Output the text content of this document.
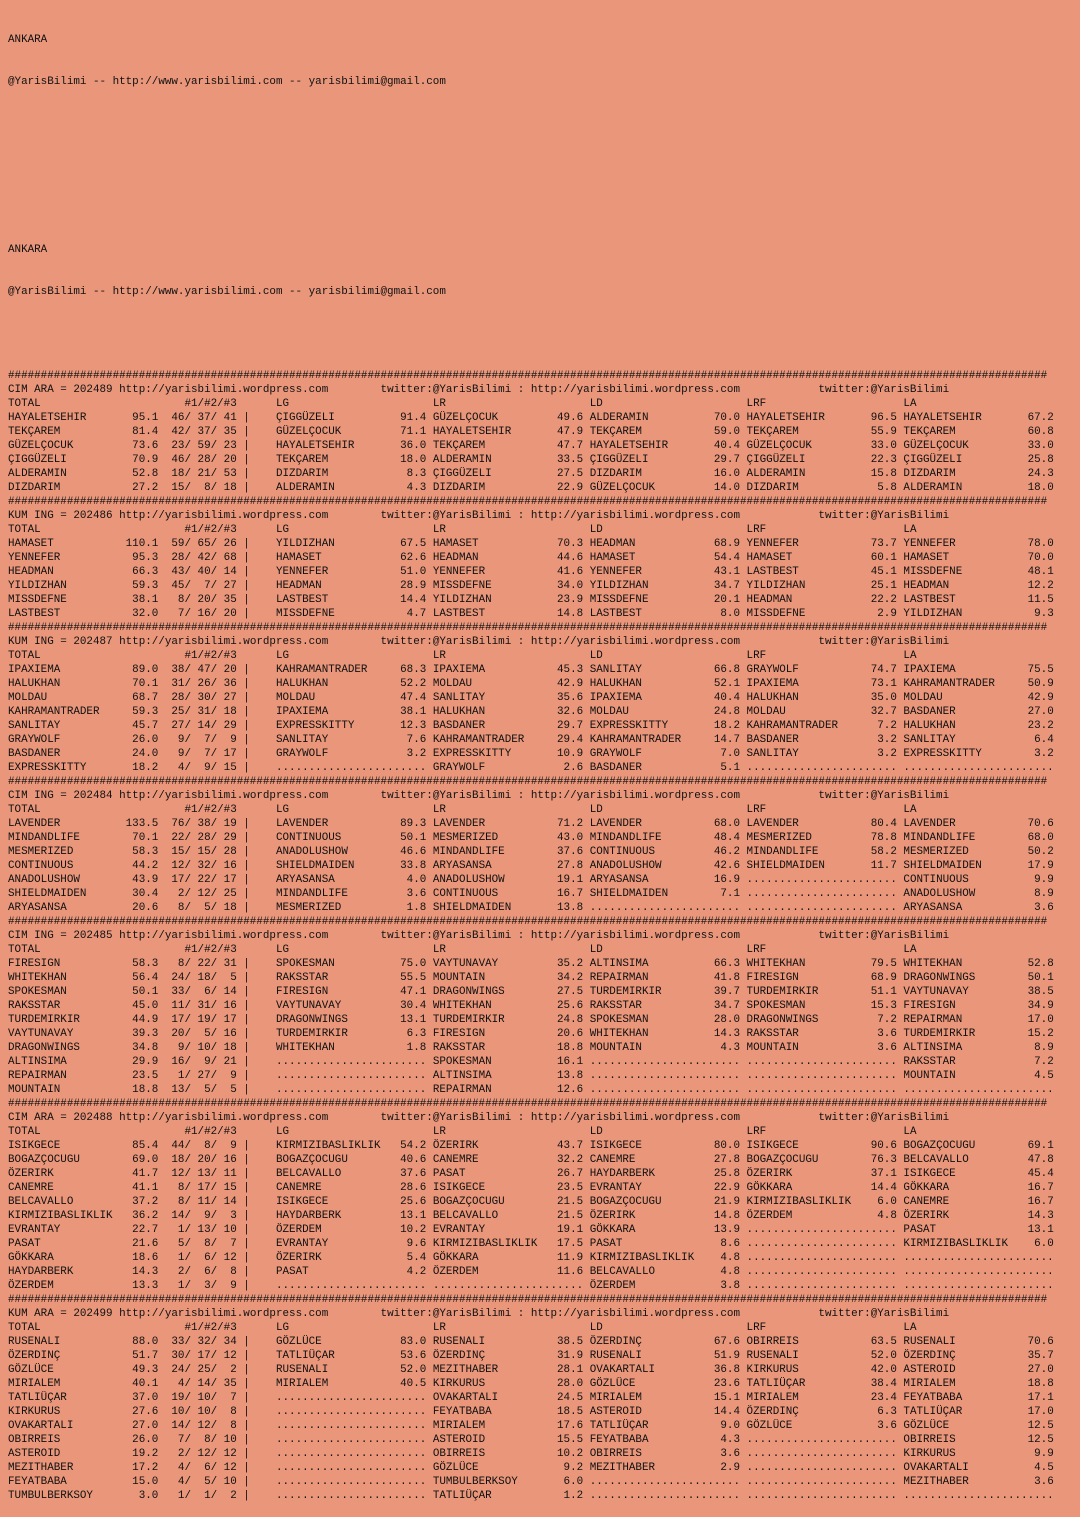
ANKARA

@YarisBilimi -- http://www.yarisbilimi.com -- yarisbilimi@gmail.com

ANKARA

@YarisBilimi -- http://www.yarisbilimi.com -- yarisbilimi@gmail.com

###############################################################################################################################################################
CIM ARA = 202489 http://yarisbilimi.wordpress.com        twitter:@YarisBilimi : http://yarisbilimi.wordpress.com            twitter:@YarisBilimi
TOTAL                      #1/#2/#3      LG                      LR                      LD                      LRF                     LA
HAYALETSEHIR       95.1  46/ 37/ 41 |    ÇIGGÜZELI          91.4 GÜZELÇOCUK         49.6 ALDERAMIN          70.0 HAYALETSEHIR       96.5 HAYALETSEHIR       67.2
TEKÇAREM           81.4  42/ 37/ 35 |    GÜZELÇOCUK         71.1 HAYALETSEHIR       47.9 TEKÇAREM           59.0 TEKÇAREM           55.9 TEKÇAREM           60.8
GÜZELÇOCUK         73.6  23/ 59/ 23 |    HAYALETSEHIR       36.0 TEKÇAREM           47.7 HAYALETSEHIR       40.4 GÜZELÇOCUK         33.0 GÜZELÇOCUK         33.0
ÇIGGÜZELI          70.9  46/ 28/ 20 |    TEKÇAREM           18.0 ALDERAMIN          33.5 ÇIGGÜZELI          29.7 ÇIGGÜZELI          22.3 ÇIGGÜZELI          25.8
ALDERAMIN          52.8  18/ 21/ 53 |    DIZDARIM            8.3 ÇIGGÜZELI          27.5 DIZDARIM           16.0 ALDERAMIN          15.8 DIZDARIM           24.3
DIZDARIM           27.2  15/  8/ 18 |    ALDERAMIN           4.3 DIZDARIM           22.9 GÜZELÇOCUK         14.0 DIZDARIM            5.8 ALDERAMIN          18.0
###############################################################################################################################################################
KUM ING = 202486 http://yarisbilimi.wordpress.com        twitter:@YarisBilimi : http://yarisbilimi.wordpress.com            twitter:@YarisBilimi
TOTAL                      #1/#2/#3      LG                      LR                      LD                      LRF                     LA
HAMASET           110.1  59/ 65/ 26 |    YILDIZHAN          67.5 HAMASET            70.3 HEADMAN            68.9 YENNEFER           73.7 YENNEFER           78.0
YENNEFER           95.3  28/ 42/ 68 |    HAMASET            62.6 HEADMAN            44.6 HAMASET            54.4 HAMASET            60.1 HAMASET            70.0
HEADMAN            66.3  43/ 40/ 14 |    YENNEFER           51.0 YENNEFER           41.6 YENNEFER           43.1 LASTBEST           45.1 MISSDEFNE          48.1
YILDIZHAN          59.3  45/  7/ 27 |    HEADMAN            28.9 MISSDEFNE          34.0 YILDIZHAN          34.7 YILDIZHAN          25.1 HEADMAN            12.2
MISSDEFNE          38.1   8/ 20/ 35 |    LASTBEST           14.4 YILDIZHAN          23.9 MISSDEFNE          20.1 HEADMAN            22.2 LASTBEST           11.5
LASTBEST           32.0   7/ 16/ 20 |    MISSDEFNE           4.7 LASTBEST           14.8 LASTBEST            8.0 MISSDEFNE           2.9 YILDIZHAN           9.3
###############################################################################################################################################################
KUM ING = 202487 http://yarisbilimi.wordpress.com        twitter:@YarisBilimi : http://yarisbilimi.wordpress.com            twitter:@YarisBilimi
TOTAL                      #1/#2/#3      LG                      LR                      LD                      LRF                     LA
IPAXIEMA           89.0  38/ 47/ 20 |    KAHRAMANTRADER     68.3 IPAXIEMA           45.3 SANLITAY           66.8 GRAYWOLF           74.7 IPAXIEMA           75.5
HALUKHAN           70.1  31/ 26/ 36 |    HALUKHAN           52.2 MOLDAU             42.9 HALUKHAN           52.1 IPAXIEMA           73.1 KAHRAMANTRADER     50.9
MOLDAU             68.7  28/ 30/ 27 |    MOLDAU             47.4 SANLITAY           35.6 IPAXIEMA           40.4 HALUKHAN           35.0 MOLDAU             42.9
KAHRAMANTRADER     59.3  25/ 31/ 18 |    IPAXIEMA           38.1 HALUKHAN           32.6 MOLDAU             24.8 MOLDAU             32.7 BASDANER           27.0
SANLITAY           45.7  27/ 14/ 29 |    EXPRESSKITTY       12.3 BASDANER           29.7 EXPRESSKITTY       18.2 KAHRAMANTRADER      7.2 HALUKHAN           23.2
GRAYWOLF           26.0   9/  7/  9 |    SANLITAY            7.6 KAHRAMANTRADER     29.4 KAHRAMANTRADER     14.7 BASDANER            3.2 SANLITAY            6.4
BASDANER           24.0   9/  7/ 17 |    GRAYWOLF            3.2 EXPRESSKITTY       10.9 GRAYWOLF            7.0 SANLITAY            3.2 EXPRESSKITTY        3.2
EXPRESSKITTY       18.2   4/  9/ 15 |    ....................... GRAYWOLF            2.6 BASDANER            5.1 ....................... .......................
###############################################################################################################################################################
CIM ING = 202484 http://yarisbilimi.wordpress.com        twitter:@YarisBilimi : http://yarisbilimi.wordpress.com            twitter:@YarisBilimi
TOTAL                      #1/#2/#3      LG                      LR                      LD                      LRF                     LA
LAVENDER          133.5  76/ 38/ 19 |    LAVENDER           89.3 LAVENDER           71.2 LAVENDER           68.0 LAVENDER           80.4 LAVENDER           70.6
MINDANDLIFE        70.1  22/ 28/ 29 |    CONTINUOUS         50.1 MESMERIZED         43.0 MINDANDLIFE        48.4 MESMERIZED         78.8 MINDANDLIFE        68.0
MESMERIZED         58.3  15/ 15/ 28 |    ANADOLUSHOW        46.6 MINDANDLIFE        37.6 CONTINUOUS         46.2 MINDANDLIFE        58.2 MESMERIZED         50.2
CONTINUOUS         44.2  12/ 32/ 16 |    SHIELDMAIDEN       33.8 ARYASANSA          27.8 ANADOLUSHOW        42.6 SHIELDMAIDEN       11.7 SHIELDMAIDEN       17.9
ANADOLUSHOW        43.9  17/ 22/ 17 |    ARYASANSA           4.0 ANADOLUSHOW        19.1 ARYASANSA          16.9 ....................... CONTINUOUS          9.9
SHIELDMAIDEN       30.4   2/ 12/ 25 |    MINDANDLIFE         3.6 CONTINUOUS         16.7 SHIELDMAIDEN        7.1 ....................... ANADOLUSHOW         8.9
ARYASANSA          20.6   8/  5/ 18 |    MESMERIZED          1.8 SHIELDMAIDEN       13.8 ....................... ....................... ARYASANSA           3.6
###############################################################################################################################################################
CIM ING = 202485 http://yarisbilimi.wordpress.com        twitter:@YarisBilimi : http://yarisbilimi.wordpress.com            twitter:@YarisBilimi
TOTAL                      #1/#2/#3      LG                      LR                      LD                      LRF                     LA
FIRESIGN           58.3   8/ 22/ 31 |    SPOKESMAN          75.0 VAYTUNAVAY         35.2 ALTINSIMA          66.3 WHITEKHAN          79.5 WHITEKHAN          52.8
WHITEKHAN          56.4  24/ 18/  5 |    RAKSSTAR           55.5 MOUNTAIN           34.2 REPAIRMAN          41.8 FIRESIGN           68.9 DRAGONWINGS        50.1
SPOKESMAN          50.1  33/  6/ 14 |    FIRESIGN           47.1 DRAGONWINGS        27.5 TURDEMIRKIR        39.7 TURDEMIRKIR        51.1 VAYTUNAVAY         38.5
RAKSSTAR           45.0  11/ 31/ 16 |    VAYTUNAVAY         30.4 WHITEKHAN          25.6 RAKSSTAR           34.7 SPOKESMAN          15.3 FIRESIGN           34.9
TURDEMIRKIR        44.9  17/ 19/ 17 |    DRAGONWINGS        13.1 TURDEMIRKIR        24.8 SPOKESMAN          28.0 DRAGONWINGS         7.2 REPAIRMAN          17.0
VAYTUNAVAY         39.3  20/  5/ 16 |    TURDEMIRKIR         6.3 FIRESIGN           20.6 WHITEKHAN          14.3 RAKSSTAR            3.6 TURDEMIRKIR        15.2
DRAGONWINGS        34.8   9/ 10/ 18 |    WHITEKHAN           1.8 RAKSSTAR           18.8 MOUNTAIN            4.3 MOUNTAIN            3.6 ALTINSIMA           8.9
ALTINSIMA          29.9  16/  9/ 21 |    ....................... SPOKESMAN          16.1 ....................... ....................... RAKSSTAR            7.2
REPAIRMAN          23.5   1/ 27/  9 |    ....................... ALTINSIMA          13.8 ....................... ....................... MOUNTAIN            4.5
MOUNTAIN           18.8  13/  5/  5 |    ....................... REPAIRMAN          12.6 ....................... ....................... .......................
###############################################################################################################################################################
CIM ARA = 202488 http://yarisbilimi.wordpress.com        twitter:@YarisBilimi : http://yarisbilimi.wordpress.com            twitter:@YarisBilimi
TOTAL                      #1/#2/#3      LG                      LR                      LD                      LRF                     LA
ISIKGECE           85.4  44/  8/  9 |    KIRMIZIBASLIKLIK   54.2 ÖZERIRK            43.7 ISIKGECE           80.0 ISIKGECE           90.6 BOGAZÇOCUGU        69.1
BOGAZÇOCUGU        69.0  18/ 20/ 16 |    BOGAZÇOCUGU        40.6 CANEMRE            32.2 CANEMRE            27.8 BOGAZÇOCUGU        76.3 BELCAVALLO         47.8
ÖZERIRK            41.7  12/ 13/ 11 |    BELCAVALLO         37.6 PASAT              26.7 HAYDARBERK         25.8 ÖZERIRK            37.1 ISIKGECE           45.4
CANEMRE            41.1   8/ 17/ 15 |    CANEMRE            28.6 ISIKGECE           23.5 EVRANTAY           22.9 GÖKKARA            14.4 GÖKKARA            16.7
BELCAVALLO         37.2   8/ 11/ 14 |    ISIKGECE           25.6 BOGAZÇOCUGU        21.5 BOGAZÇOCUGU        21.9 KIRMIZIBASLIKLIK    6.0 CANEMRE            16.7
KIRMIZIBASLIKLIK   36.2  14/  9/  3 |    HAYDARBERK         13.1 BELCAVALLO         21.5 ÖZERIRK            14.8 ÖZERDEM             4.8 ÖZERIRK            14.3
EVRANTAY           22.7   1/ 13/ 10 |    ÖZERDEM            10.2 EVRANTAY           19.1 GÖKKARA            13.9 ....................... PASAT              13.1
PASAT              21.6   5/  8/  7 |    EVRANTAY            9.6 KIRMIZIBASLIKLIK   17.5 PASAT               8.6 ....................... KIRMIZIBASLIKLIK    6.0
GÖKKARA            18.6   1/  6/ 12 |    ÖZERIRK             5.4 GÖKKARA            11.9 KIRMIZIBASLIKLIK    4.8 ....................... .......................
HAYDARBERK         14.3   2/  6/  8 |    PASAT               4.2 ÖZERDEM            11.6 BELCAVALLO          4.8 ....................... .......................
ÖZERDEM            13.3   1/  3/  9 |    ....................... ....................... ÖZERDEM             3.8 ....................... .......................
###############################################################################################################################################################
KUM ARA = 202499 http://yarisbilimi.wordpress.com        twitter:@YarisBilimi : http://yarisbilimi.wordpress.com            twitter:@YarisBilimi
TOTAL                      #1/#2/#3      LG                      LR                      LD                      LRF                     LA
RUSENALI           88.0  33/ 32/ 34 |    GÖZLÜCE            83.0 RUSENALI           38.5 ÖZERDINÇ           67.6 OBIRREIS           63.5 RUSENALI           70.6
ÖZERDINÇ           51.7  30/ 17/ 12 |    TATLIÜÇAR          53.6 ÖZERDINÇ           31.9 RUSENALI           51.9 RUSENALI           52.0 ÖZERDINÇ           35.7
GÖZLÜCE            49.3  24/ 25/  2 |    RUSENALI           52.0 MEZITHABER         28.1 OVAKARTALI         36.8 KIRKURUS           42.0 ASTEROID           27.0
MIRIALEM           40.1   4/ 14/ 35 |    MIRIALEM           40.5 KIRKURUS           28.0 GÖZLÜCE            23.6 TATLIÜÇAR          38.4 MIRIALEM           18.8
TATLIÜÇAR          37.0  19/ 10/  7 |    ....................... OVAKARTALI         24.5 MIRIALEM           15.1 MIRIALEM           23.4 FEYATBABA          17.1
KIRKURUS           27.6  10/ 10/  8 |    ....................... FEYATBABA          18.5 ASTEROID           14.4 ÖZERDINÇ            6.3 TATLIÜÇAR          17.0
OVAKARTALI         27.0  14/ 12/  8 |    ....................... MIRIALEM           17.6 TATLIÜÇAR           9.0 GÖZLÜCE             3.6 GÖZLÜCE            12.5
OBIRREIS           26.0   7/  8/ 10 |    ....................... ASTEROID           15.5 FEYATBABA           4.3 ....................... OBIRREIS           12.5
ASTEROID           19.2   2/ 12/ 12 |    ....................... OBIRREIS           10.2 OBIRREIS            3.6 ....................... KIRKURUS            9.9
MEZITHABER         17.2   4/  6/ 12 |    ....................... GÖZLÜCE             9.2 MEZITHABER          2.9 ....................... OVAKARTALI          4.5
FEYATBABA          15.0   4/  5/ 10 |    ....................... TUMBULBERKSOY       6.0 ....................... ....................... MEZITHABER          3.6
TUMBULBERKSOY       3.0   1/  1/  2 |    ....................... TATLIÜÇAR           1.2 ....................... ....................... .......................
